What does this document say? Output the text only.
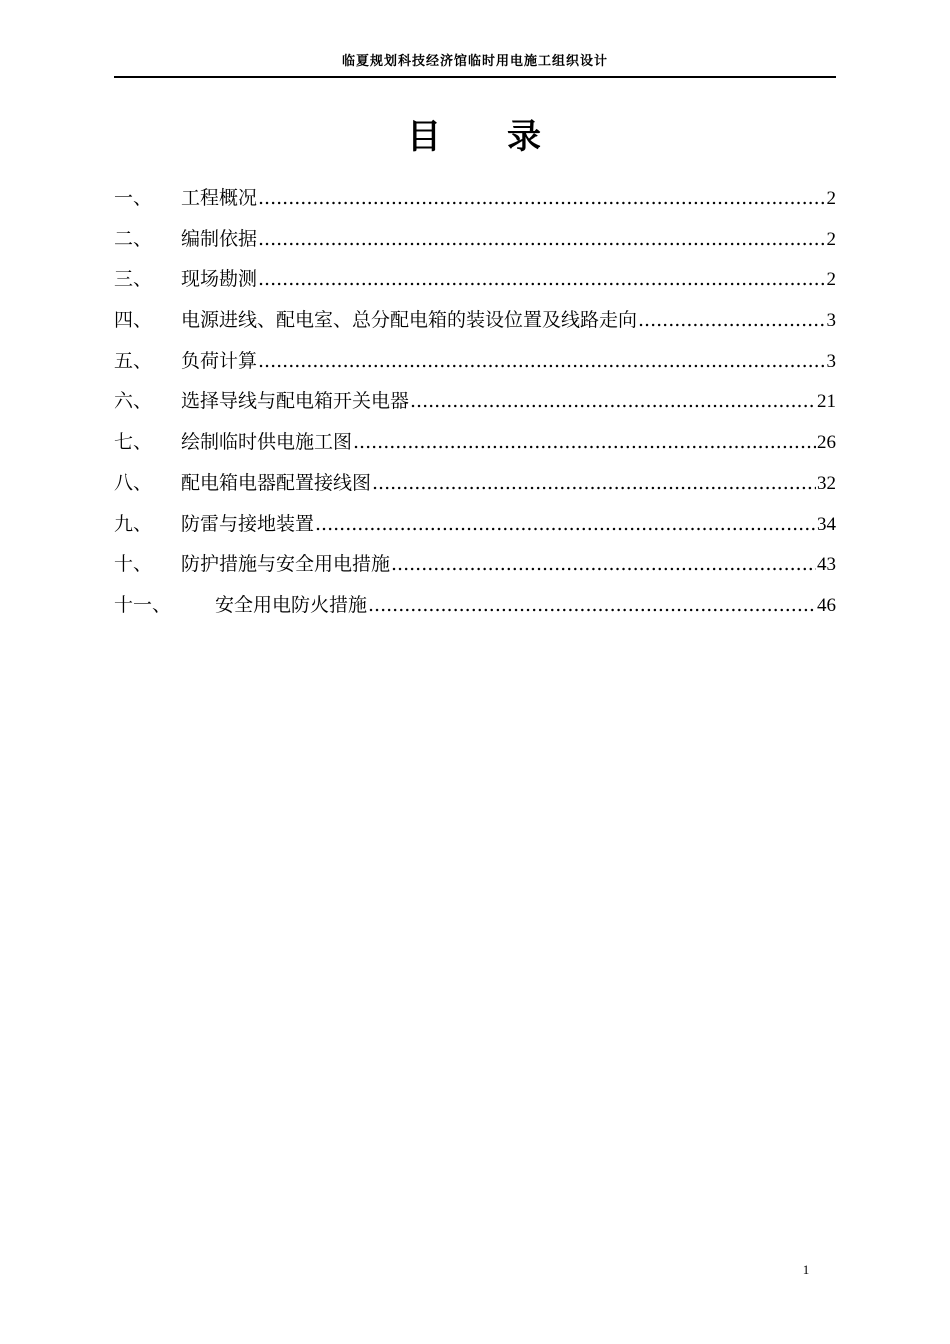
临夏规划科技经济馆临时用电施工组织设计
目 录
一、	工程概况 .....	2
二、	编制依据 .....	2
三、	现场勘测 .....	2
四、	电源进线、配电室、总分配电箱的装设位置及线路走向 .....	3
五、	负荷计算 .....	3
六、	选择导线与配电箱开关电器 .....	21
七、	绘制临时供电施工图 .....	26
八、	配电箱电器配置接线图 .....	32
九、	防雷与接地装置 .....	34
十、	防护措施与安全用电措施 .....	43
十一、	安全用电防火措施 .....	46
1
